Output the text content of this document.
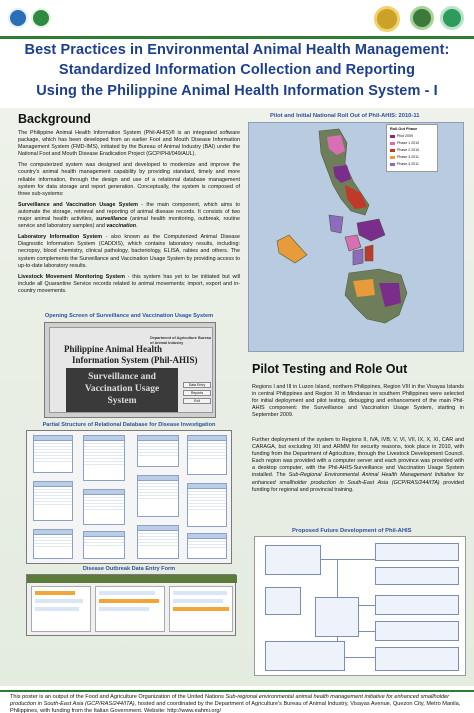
Best Practices in Environmental Animal Health Management:
Standardized Information Collection and Reporting
Using the Philippine Animal Health Information System - I
Background
The Philippine Animal Health Information System (Phil-AHIS)® is an integrated software package, which has been developed from an earlier Foot and Mouth Disease Information Management System (FMD-IMS), initiated by the Bureau of Animal Industry (BAI) under the National Foot and Mouth Disease Eradication Project (GCP/PHI/049/AUL).
The computerized system was designed and developed to modernize and improve the country's animal health management capability by providing standard, timely and more reliable information, through the design and use of a relational database management system for data storage and report generation. Conceptually, the system is composed of three sub-systems:
Surveillance and Vaccination Usage System - the main component, which aims to automate the storage, retrieval and reporting of animal disease records. It consists of two major animal health activities, surveillance (animal health monitoring, outbreak, routine service and laboratory samples) and vaccination.
Laboratory Information System - also known as the Computerized Animal Disease Diagnostic Information System (CADDIS), which contains laboratory results, including: necropsy, blood chemistry, clinical pathology, bacteriology, ELISA, rabies and others. The system complements the Surveillance and Vaccination Usage System by providing access to up-to-date laboratory results.
Livestock Movement Monitoring System - this system has yet to be initiated but will include all Quarantine Service records related to animal movements: import, export and in-country movements.
Opening Screen of Surveillance and Vaccination Usage System
Department of Agriculture Bureau of Animal Industry
Philippine Animal Health
Information System (Phil-AHIS)
Surveillance and
Vaccination Usage
System
Data Entry
Reports
Exit
Partial Structure of Relational Database for Disease Investigation
Disease Outbreak Data Entry Form
Pilot and Initial National Roll Out of Phil-AHIS: 2010-11
Roll-Out Phase
Pilot 2009
Phase 1 2010
Phase 2 2010
Phase 3 2011
Phase 4 2011
Pilot Testing and Role Out
Regions I and III in Luzon Island, northern Philippines, Region VIII in the Visayas Islands in central Philippines and Region XI in Mindanao in southern Philippines were selected for initial deployment and pilot testing, debugging and enhancement of the main Phil-AHIS component: the Surveillance and Vaccination Usage System, starting in September 2009.
Further deployment of the system to Regions II, IVA, IVB, V, VI, VII, IX, X, XI, CAR and CARAGA, but excluding XII and ARMM for security reasons, took place in 2010, with funding from the Department of Agriculture, through the Livestock Development Council. Each region was provided with a computer server and each province was provided with a desktop computer, with the Phil-AHIS-Surveillance and Vaccination Usage System installed. The Sub-Regional Environmental Animal Health Management Initiative for enhanced smallholder production in South-East Asia (GCP/RAS/244/ITA) provided funding for regional and provincial training.
Proposed Future Development of Phil-AHIS
This poster is an output of the Food and Agriculture Organization of the United Nations Sub-regional environmental animal health management initiative for enhanced smallholder production in South-East Asia (GCP/RAS/244/ITA), hosted and coordinated by the Department of Agriculture's Bureau of Animal Industry, Visayas Avenue, Quezon City, Metro Manila, Philippines, with funding from the Italian Government. Website: http://www.eahmi.org/
